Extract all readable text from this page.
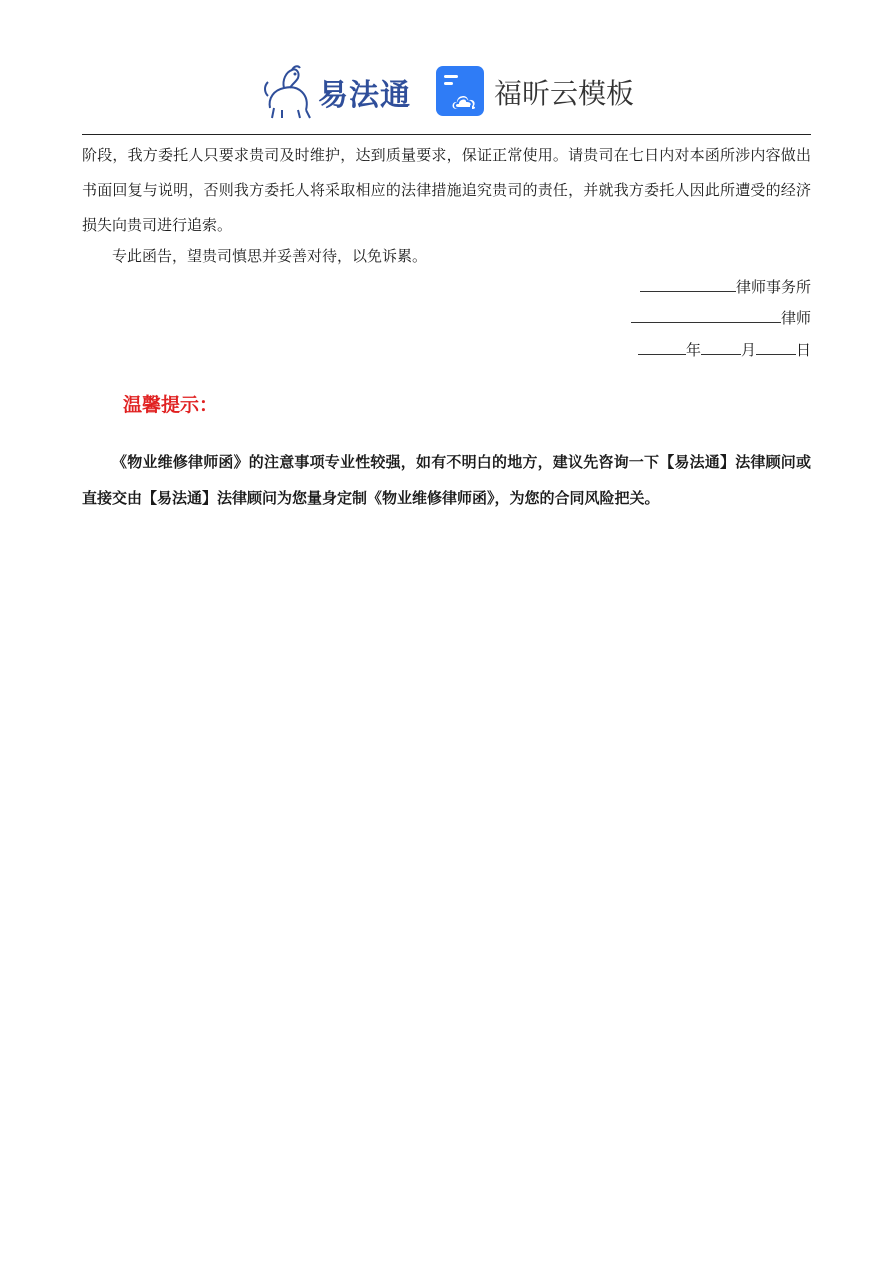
易法通	福昕云模板

阶段，我方委托人只要求贵司及时维护，达到质量要求，保证正常使用。请贵司在七日内对本函所涉内容做出书面回复与说明，否则我方委托人将采取相应的法律措施追究贵司的责任，并就我方委托人因此所遭受的经济损失向贵司进行追索。

专此函告，望贵司慎思并妥善对待，以免诉累。

律师事务所
律师
年	月	日
温馨提示：

《物业维修律师函》的注意事项专业性较强，如有不明白的地方，建议先咨询一下【易法通】法律顾问或直接交由【易法通】法律顾问为您量身定制《物业维修律师函》，为您的合同风险把关。
